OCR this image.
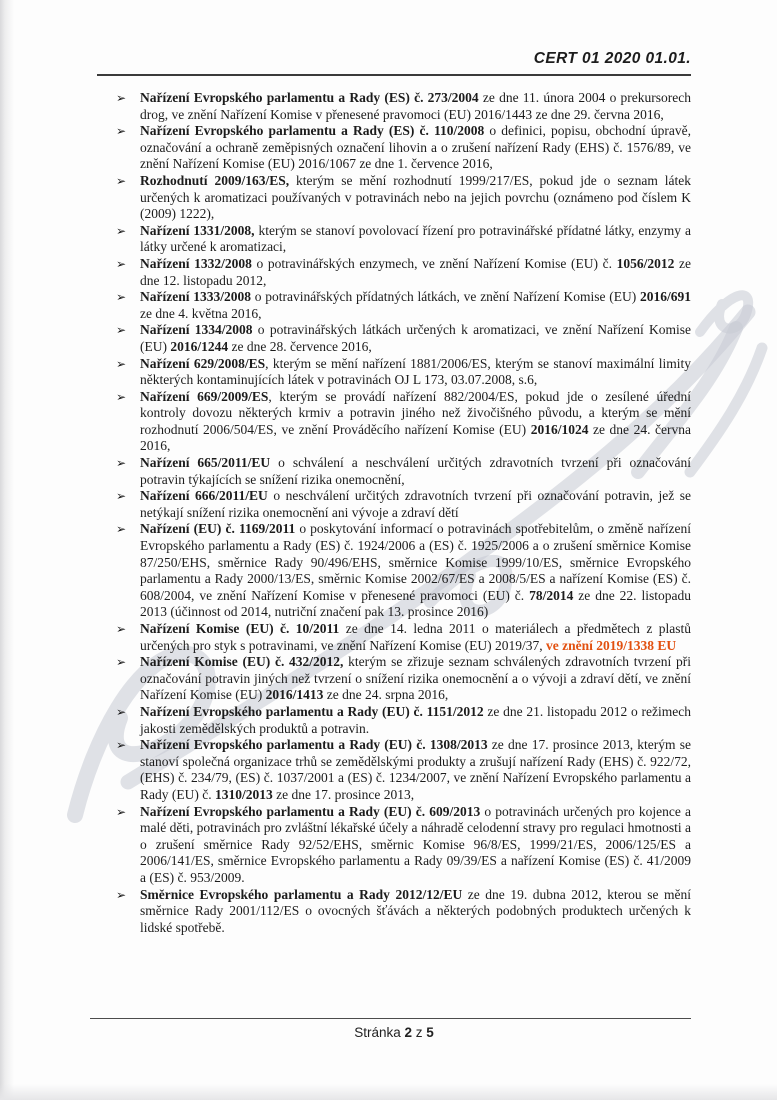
CERT 01 2020 01.01.
➢ Nařízení Evropského parlamentu a Rady (ES) č. 273/2004 ze dne 11. února 2004 o prekursorech drog, ve znění Nařízení Komise v přenesené pravomoci (EU) 2016/1443 ze dne 29. června 2016,
➢ Nařízení Evropského parlamentu a Rady (ES) č. 110/2008 o definici, popisu, obchodní úpravě, označování a ochraně zeměpisných označení lihovin a o zrušení nařízení Rady (EHS) č. 1576/89, ve znění Nařízení Komise (EU) 2016/1067 ze dne 1. července 2016,
➢ Rozhodnutí 2009/163/ES, kterým se mění rozhodnutí 1999/217/ES, pokud jde o seznam látek určených k aromatizaci používaných v potravinách nebo na jejich povrchu (oznámeno pod číslem K (2009) 1222),
➢ Nařízení 1331/2008, kterým se stanoví povolovací řízení pro potravinářské přídatné látky, enzymy a látky určené k aromatizaci,
➢ Nařízení 1332/2008 o potravinářských enzymech, ve znění Nařízení Komise (EU) č. 1056/2012 ze dne 12. listopadu 2012,
➢ Nařízení 1333/2008 o potravinářských přídatných látkách, ve znění Nařízení Komise (EU) 2016/691 ze dne 4. května 2016,
➢ Nařízení 1334/2008 o potravinářských látkách určených k aromatizaci, ve znění Nařízení Komise (EU) 2016/1244 ze dne 28. července 2016,
➢ Nařízení 629/2008/ES, kterým se mění nařízení 1881/2006/ES, kterým se stanoví maximální limity některých kontaminujících látek v potravinách OJ L 173, 03.07.2008, s.6,
➢ Nařízení 669/2009/ES, kterým se provádí nařízení 882/2004/ES, pokud jde o zesílené úřední kontroly dovozu některých krmiv a potravin jiného než živočišného původu, a kterým se mění rozhodnutí 2006/504/ES, ve znění Prováděcího nařízení Komise (EU) 2016/1024 ze dne 24. června 2016,
➢ Nařízení 665/2011/EU o schválení a neschválení určitých zdravotních tvrzení při označování potravin týkajících se snížení rizika onemocnění,
➢ Nařízení 666/2011/EU o neschválení určitých zdravotních tvrzení při označování potravin, jež se netýkají snížení rizika onemocnění ani vývoje a zdraví dětí
➢ Nařízení (EU) č. 1169/2011 o poskytování informací o potravinách spotřebitelům, o změně nařízení Evropského parlamentu a Rady (ES) č. 1924/2006 a (ES) č. 1925/2006 a o zrušení směrnice Komise 87/250/EHS, směrnice Rady 90/496/EHS, směrnice Komise 1999/10/ES, směrnice Evropského parlamentu a Rady 2000/13/ES, směrnic Komise 2002/67/ES a 2008/5/ES a nařízení Komise (ES) č. 608/2004, ve znění Nařízení Komise v přenesené pravomoci (EU) č. 78/2014 ze dne 22. listopadu 2013 (účinnost od 2014, nutriční značení pak 13. prosince 2016)
➢ Nařízení Komise (EU) č. 10/2011 ze dne 14. ledna 2011 o materiálech a předmětech z plastů určených pro styk s potravinami, ve znění Nařízení Komise (EU) 2019/37, ve znění 2019/1338 EU
➢ Nařízení Komise (EU) č. 432/2012, kterým se zřizuje seznam schválených zdravotních tvrzení při označování potravin jiných než tvrzení o snížení rizika onemocnění a o vývoji a zdraví dětí, ve znění Nařízení Komise (EU) 2016/1413 ze dne 24. srpna 2016,
➢ Nařízení Evropského parlamentu a Rady (EU) č. 1151/2012 ze dne 21. listopadu 2012 o režimech jakosti zemědělských produktů a potravin.
➢ Nařízení Evropského parlamentu a Rady (EU) č. 1308/2013 ze dne 17. prosince 2013, kterým se stanoví společná organizace trhů se zemědělskými produkty a zrušují nařízení Rady (EHS) č. 922/72, (EHS) č. 234/79, (ES) č. 1037/2001 a (ES) č. 1234/2007, ve znění Nařízení Evropského parlamentu a Rady (EU) č. 1310/2013 ze dne 17. prosince 2013,
➢ Nařízení Evropského parlamentu a Rady (EU) č. 609/2013 o potravinách určených pro kojence a malé děti, potravinách pro zvláštní lékařské účely a náhradě celodenní stravy pro regulaci hmotnosti a o zrušení směrnice Rady 92/52/EHS, směrnic Komise 96/8/ES, 1999/21/ES, 2006/125/ES a 2006/141/ES, směrnice Evropského parlamentu a Rady 09/39/ES a nařízení Komise (ES) č. 41/2009 a (ES) č. 953/2009.
➢ Směrnice Evropského parlamentu a Rady 2012/12/EU ze dne 19. dubna 2012, kterou se mění směrnice Rady 2001/112/ES o ovocných šťávách a některých podobných produktech určených k lidské spotřebě.
Stránka 2 z 5
